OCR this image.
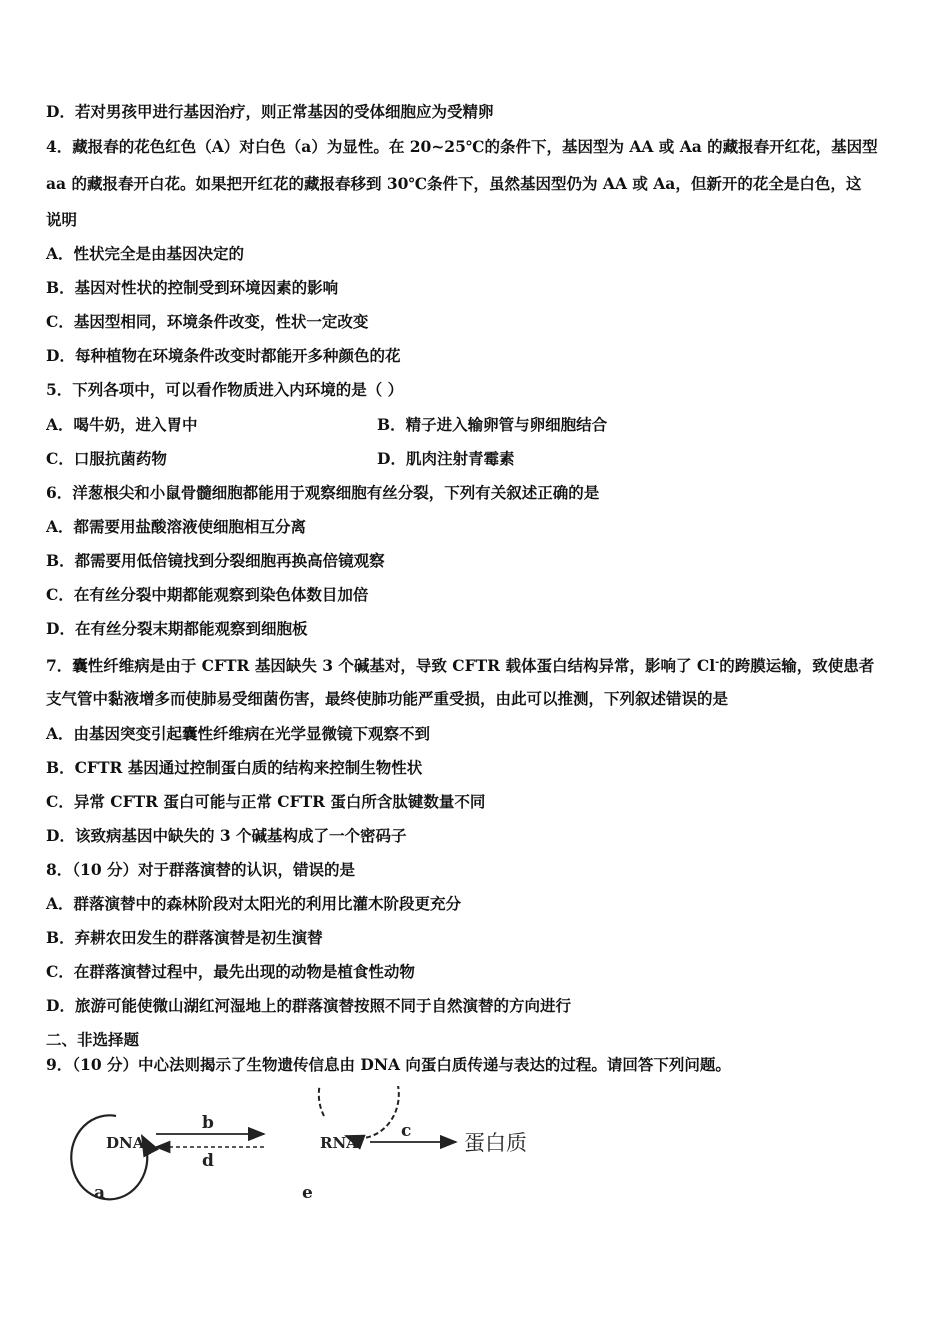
D．若对男孩甲进行基因治疗，则正常基因的受体细胞应为受精卵
4．藏报春的花色红色（A）对白色（a）为显性。在 20~25℃的条件下，基因型为 AA 或 Aa 的藏报春开红花，基因型
aa 的藏报春开白花。如果把开红花的藏报春移到 30℃条件下，虽然基因型仍为 AA 或 Aa，但新开的花全是白色，这
说明
A．性状完全是由基因决定的
B．基因对性状的控制受到环境因素的影响
C．基因型相同，环境条件改变，性状一定改变
D．每种植物在环境条件改变时都能开多种颜色的花
5．下列各项中，可以看作物质进入内环境的是（ ）
A．喝牛奶，进入胃中	B．精子进入输卵管与卵细胞结合
C．口服抗菌药物	D．肌肉注射青霉素
6．洋葱根尖和小鼠骨髓细胞都能用于观察细胞有丝分裂，下列有关叙述正确的是
A．都需要用盐酸溶液使细胞相互分离
B．都需要用低倍镜找到分裂细胞再换高倍镜观察
C．在有丝分裂中期都能观察到染色体数目加倍
D．在有丝分裂末期都能观察到细胞板
7．囊性纤维病是由于 CFTR 基因缺失 3 个碱基对，导致 CFTR 载体蛋白结构异常，影响了 Cl-的跨膜运输，致使患者
支气管中黏液增多而使肺易受细菌伤害，最终使肺功能严重受损，由此可以推测，下列叙述错误的是
A．由基因突变引起囊性纤维病在光学显微镜下观察不到
B．CFTR 基因通过控制蛋白质的结构来控制生物性状
C．异常 CFTR 蛋白可能与正常 CFTR 蛋白所含肽键数量不同
D．该致病基因中缺失的 3 个碱基构成了一个密码子
8．（10 分）对于群落演替的认识，错误的是
A．群落演替中的森林阶段对太阳光的利用比灌木阶段更充分
B．弃耕农田发生的群落演替是初生演替
C．在群落演替过程中，最先出现的动物是植食性动物
D．旅游可能使微山湖红河湿地上的群落演替按照不同于自然演替的方向进行
二、非选择题
9．（10 分）中心法则揭示了生物遗传信息由 DNA 向蛋白质传递与表达的过程。请回答下列问题。
DNA
a
b
d
RNA
e
c	蛋白质
